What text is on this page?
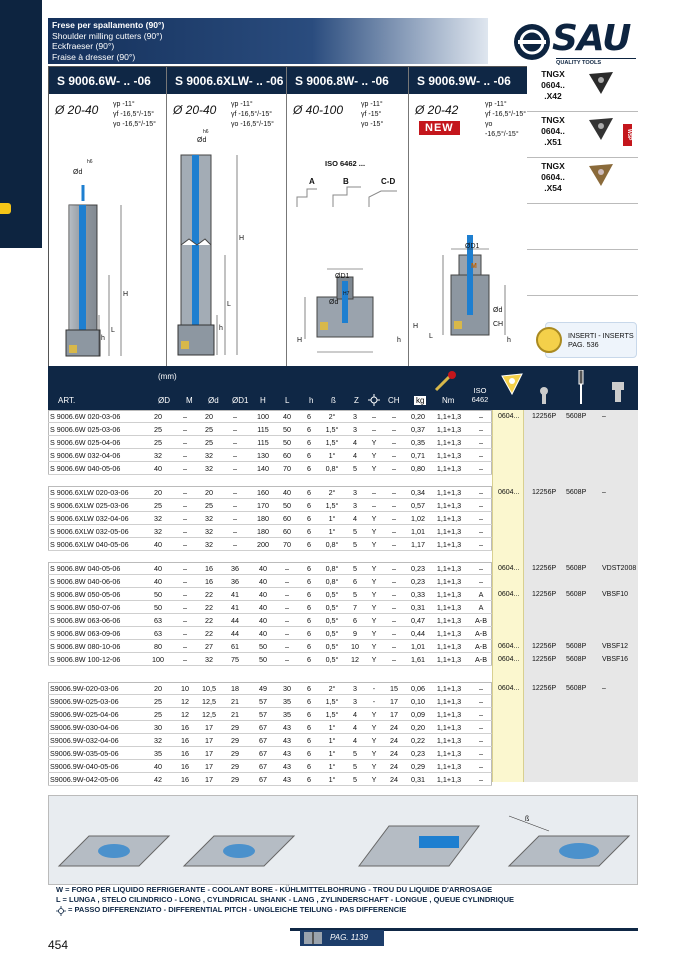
Frese per spallamento (90°)
Shoulder milling cutters (90°)
Eckfraeser (90°)
Fraise à dresser (90°)	SAU
QUALITY TOOLS
S 9006.6W- .. -06
Ø 20-40 γp -11°
γf -16,5°/-15°
γo -16,5°/-15°
Ød
h6
H
L
h
S 9006.6XLW- .. -06
Ø 20-40 γp -11°
γf -16,5°/-15°
γo -16,5°/-15°
Ød
h6
H
L
h
S 9006.8W- .. -06
Ø 40-100	γp -11°
γf -15°
γo -15°
ISO 6462 ...
A	B	C-D
ØD1
H7
Ød
H	h
S 9006.9W- .. -06
Ø 20-42	γp -11°
γf -16,5°/-15°
γo -16,5°/-15°
NEW
ØD1
M
Ød
CH
H
L
h
TNGX
0604..
.X42
TNGX
0604..
.X51
WSP
TNGX
0604..
.X54
INSERTI - INSERTS
PAG. 536
(mm)
ART.	ØD M Ød ØD1 H L h ß Z	CH kg Nm
ISO 6462
S 9006.6W 020-03-06	20	–	20	–	100	40	6	2°	3	–	–	0,20	1,1+1,3	–
S 9006.6W 025-03-06	25	–	25	–	115	50	6	1,5°	3	–	–	0,37	1,1+1,3	–
S 9006.6W 025-04-06	25	–	25	–	115	50	6	1,5°	4	Y	–	0,35	1,1+1,3	–
S 9006.6W 032-04-06	32	–	32	–	130	60	6	1°	4	Y	–	0,71	1,1+1,3	–
S 9006.6W 040-05-06	40	–	32	–	140	70	6	0,8°	5	Y	–	0,80	1,1+1,3	–
0604... 12256P 5608P –
S 9006.6XLW 020-03-06	20	–	20	–	160	40	6	2°	3	–	–	0,34	1,1+1,3	–
S 9006.6XLW 025-03-06	25	–	25	–	170	50	6	1,5°	3	–	–	0,57	1,1+1,3	–
S 9006.6XLW 032-04-06	32	–	32	–	180	60	6	1°	4	Y	–	1,02	1,1+1,3	–
S 9006.6XLW 032-05-06	32	–	32	–	180	60	6	1°	5	Y	–	1,01	1,1+1,3	–
S 9006.6XLW 040-05-06	40	–	32	–	200	70	6	0,8°	5	Y	–	1,17	1,1+1,3	–
0604... 12256P 5608P –
S 9006.8W 040-05-06	40	–	16	36	40	–	6	0,8°	5	Y	–	0,23	1,1+1,3	–
S 9006.8W 040-06-06	40	–	16	36	40	–	6	0,8°	6	Y	–	0,23	1,1+1,3	–
S 9006.8W 050-05-06	50	–	22	41	40	–	6	0,5°	5	Y	–	0,33	1,1+1,3	A
S 9006.8W 050-07-06	50	–	22	41	40	–	6	0,5°	7	Y	–	0,31	1,1+1,3	A
S 9006.8W 063-06-06	63	–	22	44	40	–	6	0,5°	6	Y	–	0,47	1,1+1,3	A-B
S 9006.8W 063-09-06	63	–	22	44	40	–	6	0,5°	9	Y	–	0,44	1,1+1,3	A-B
S 9006.8W 080-10-06	80	–	27	61	50	–	6	0,5°	10	Y	–	1,01	1,1+1,3	A-B
S 9006.8W 100-12-06	100	–	32	75	50	–	6	0,5°	12	Y	–	1,61	1,1+1,3	A-B
0604... 12256P 5608P VDST2008
0604... 12256P 5608P VBSF10
0604... 12256P 5608P VBSF12
0604... 12256P 5608P VBSF16
S9006.9W-020-03-06	20	10	10,5	18	49	30	6	2°	3	-	15	0,06	1,1+1,3	–
S9006.9W-025-03-06	25	12	12,5	21	57	35	6	1,5°	3	-	17	0,10	1,1+1,3	–
S9006.9W-025-04-06	25	12	12,5	21	57	35	6	1,5°	4	Y	17	0,09	1,1+1,3	–
S9006.9W-030-04-06	30	16	17	29	67	43	6	1°	4	Y	24	0,20	1,1+1,3	–
S9006.9W-032-04-06	32	16	17	29	67	43	6	1°	4	Y	24	0,22	1,1+1,3	–
S9006.9W-035-05-06	35	16	17	29	67	43	6	1°	5	Y	24	0,23	1,1+1,3	–
S9006.9W-040-05-06	40	16	17	29	67	43	6	1°	5	Y	24	0,29	1,1+1,3	–
S9006.9W-042-05-06	42	16	17	29	67	43	6	1°	5	Y	24	0,31	1,1+1,3	–
0604... 12256P 5608P –
ß
W = FORO PER LIQUIDO REFRIGERANTE - COOLANT BORE - KÜHLMITTELBOHRUNG - TROU DU LIQUIDE D'ARROSAGE
L = LUNGA , STELO CILINDRICO - LONG , CYLINDRICAL SHANK - LANG , ZYLINDERSCHAFT - LONGUE , QUEUE CYLINDRIQUE
= PASSO DIFFERENZIATO - DIFFERENTIAL PITCH - UNGLEICHE TEILUNG - PAS DIFFERENCIE
PAG. 1139
454
